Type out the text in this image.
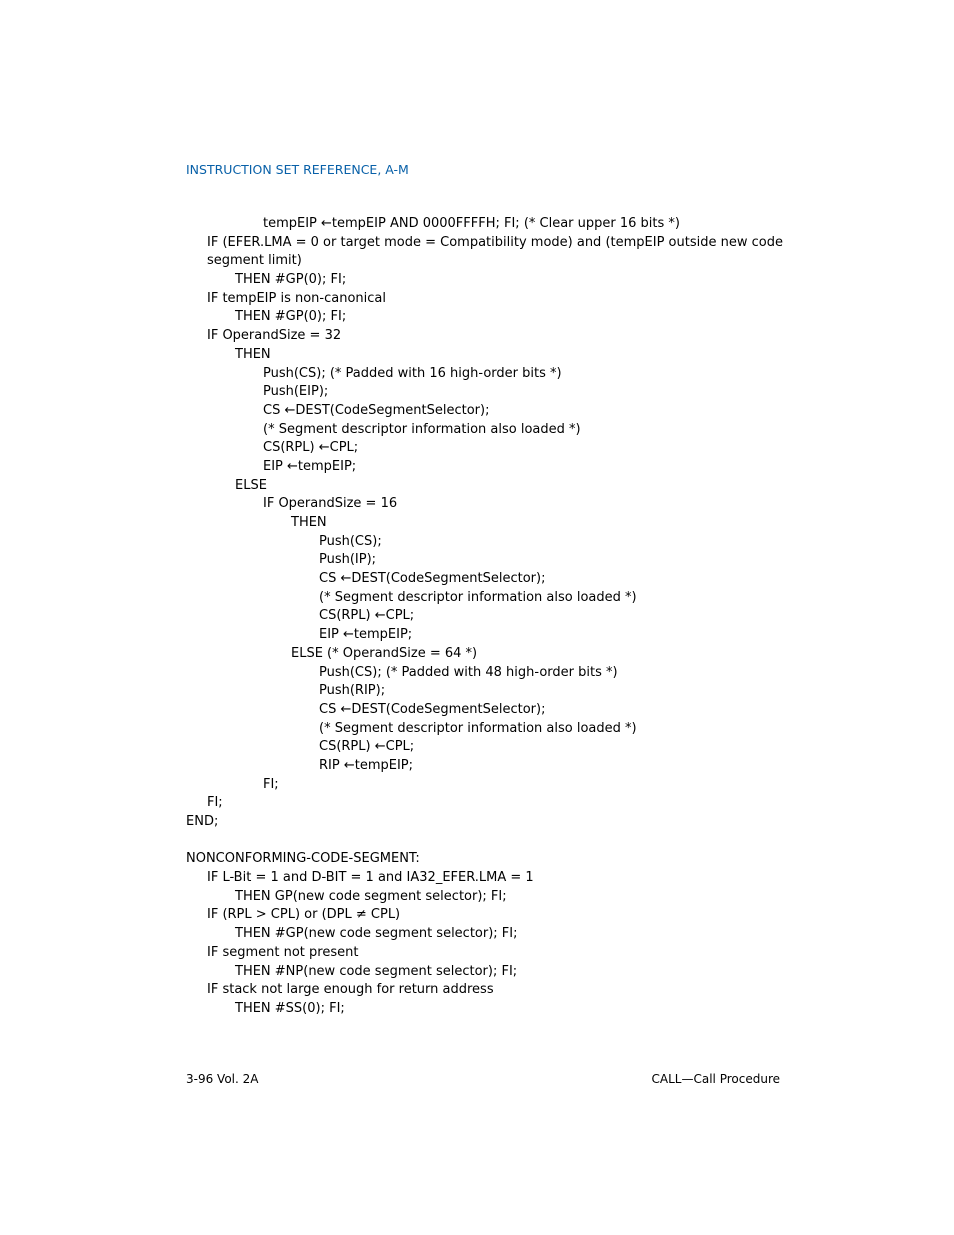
INSTRUCTION SET REFERENCE, A-M
tempEIP ←tempEIP AND 0000FFFFH; FI; (* Clear upper 16 bits *)
IF (EFER.LMA = 0 or target mode = Compatibility mode) and (tempEIP outside new code
segment limit)
THEN #GP(0); FI;
IF tempEIP is non-canonical
THEN #GP(0); FI;
IF OperandSize = 32
THEN
Push(CS); (* Padded with 16 high-order bits *)
Push(EIP);
CS ←DEST(CodeSegmentSelector);
(* Segment descriptor information also loaded *)
CS(RPL) ←CPL;
EIP ←tempEIP;
ELSE
IF OperandSize = 16
THEN
Push(CS);
Push(IP);
CS ←DEST(CodeSegmentSelector);
(* Segment descriptor information also loaded *)
CS(RPL) ←CPL;
EIP ←tempEIP;
ELSE (* OperandSize = 64 *)
Push(CS); (* Padded with 48 high-order bits *)
Push(RIP);
CS ←DEST(CodeSegmentSelector);
(* Segment descriptor information also loaded *)
CS(RPL) ←CPL;
RIP ←tempEIP;
FI;
FI;
END;
NONCONFORMING-CODE-SEGMENT:
IF L-Bit = 1 and D-BIT = 1 and IA32_EFER.LMA = 1
THEN GP(new code segment selector); FI;
IF (RPL > CPL) or (DPL ≠ CPL)
THEN #GP(new code segment selector); FI;
IF segment not present
THEN #NP(new code segment selector); FI;
IF stack not large enough for return address
THEN #SS(0); FI;
3-96 Vol. 2A	CALL—Call Procedure
